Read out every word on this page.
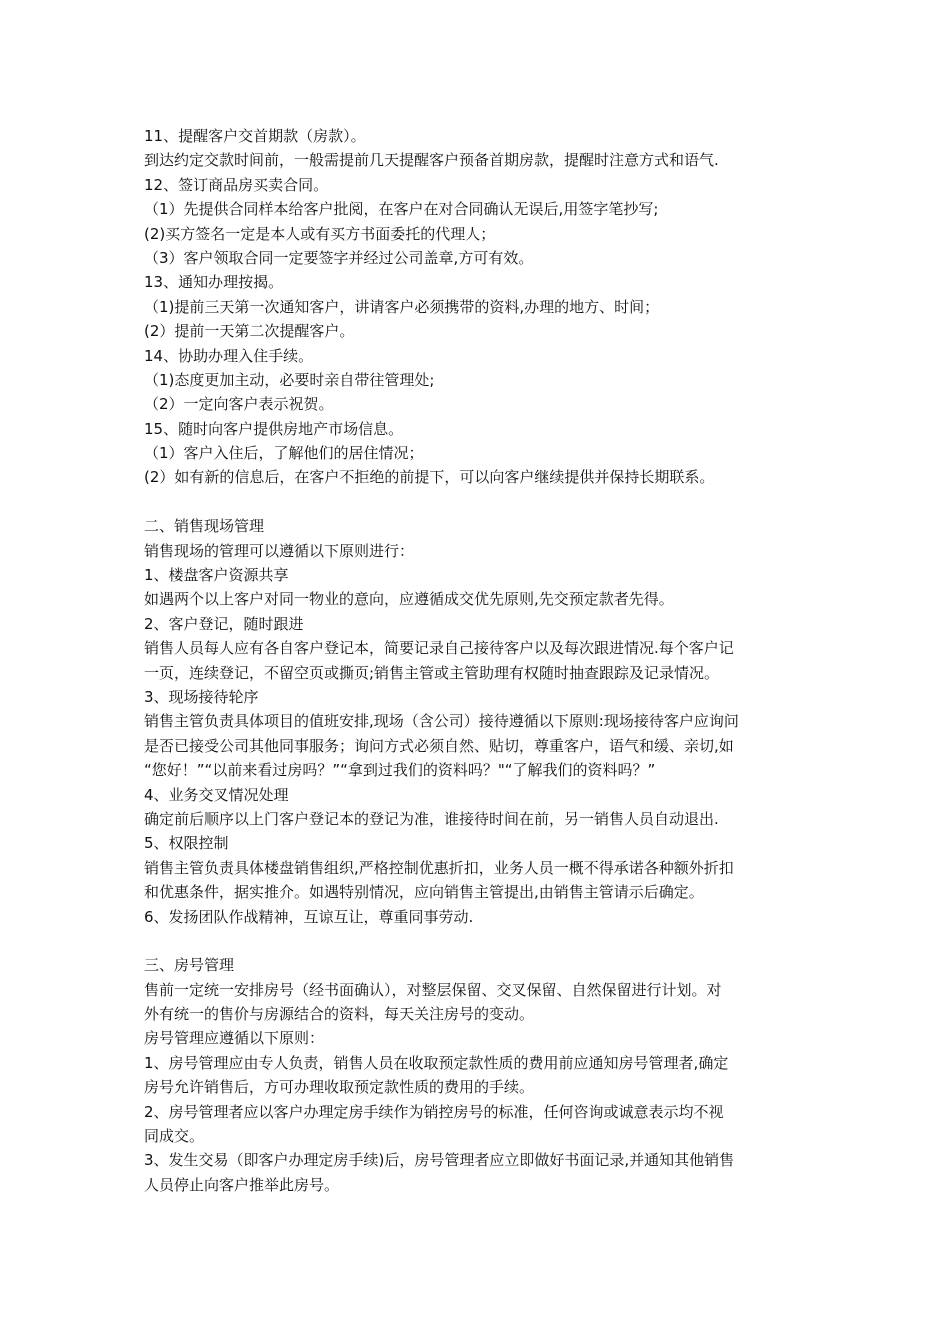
11、提醒客户交首期款（房款）。
到达约定交款时间前，一般需提前几天提醒客户预备首期房款，提醒时注意方式和语气.
12、签订商品房买卖合同。
（1）先提供合同样本给客户批阅，在客户在对合同确认无误后,用签字笔抄写;
(2)买方签名一定是本人或有买方书面委托的代理人；
（3）客户领取合同一定要签字并经过公司盖章,方可有效。
13、通知办理按揭。
（1)提前三天第一次通知客户，讲请客户必须携带的资料,办理的地方、时间；
(2）提前一天第二次提醒客户。
14、协助办理入住手续。
（1)态度更加主动，必要时亲自带往管理处;
（2）一定向客户表示祝贺。
15、随时向客户提供房地产市场信息。
（1）客户入住后，了解他们的居住情况；
(2）如有新的信息后，在客户不拒绝的前提下，可以向客户继续提供并保持长期联系。
二、销售现场管理
销售现场的管理可以遵循以下原则进行：
1、楼盘客户资源共享
如遇两个以上客户对同一物业的意向，应遵循成交优先原则,先交预定款者先得。
2、客户登记，随时跟进
销售人员每人应有各自客户登记本，简要记录自己接待客户以及每次跟进情况.每个客户记
一页，连续登记，不留空页或撕页;销售主管或主管助理有权随时抽查跟踪及记录情况。
3、现场接待轮序
销售主管负责具体项目的值班安排,现场（含公司）接待遵循以下原则:现场接待客户应询问
是否已接受公司其他同事服务；询问方式必须自然、贴切，尊重客户，语气和缓、亲切,如
“您好！”“以前来看过房吗？”“拿到过我们的资料吗？"“了解我们的资料吗？”
4、业务交叉情况处理
确定前后顺序以上门客户登记本的登记为准，谁接待时间在前，另一销售人员自动退出.
5、权限控制
销售主管负责具体楼盘销售组织,严格控制优惠折扣，业务人员一概不得承诺各种额外折扣
和优惠条件，据实推介。如遇特别情况，应向销售主管提出,由销售主管请示后确定。
6、发扬团队作战精神，互谅互让，尊重同事劳动.
三、房号管理
售前一定统一安排房号（经书面确认），对整层保留、交叉保留、自然保留进行计划。对
外有统一的售价与房源结合的资料，每天关注房号的变动。
房号管理应遵循以下原则：
1、房号管理应由专人负责，销售人员在收取预定款性质的费用前应通知房号管理者,确定
房号允许销售后，方可办理收取预定款性质的费用的手续。
2、房号管理者应以客户办理定房手续作为销控房号的标准，任何咨询或诚意表示均不视
同成交。
3、发生交易（即客户办理定房手续)后，房号管理者应立即做好书面记录,并通知其他销售
人员停止向客户推举此房号。
